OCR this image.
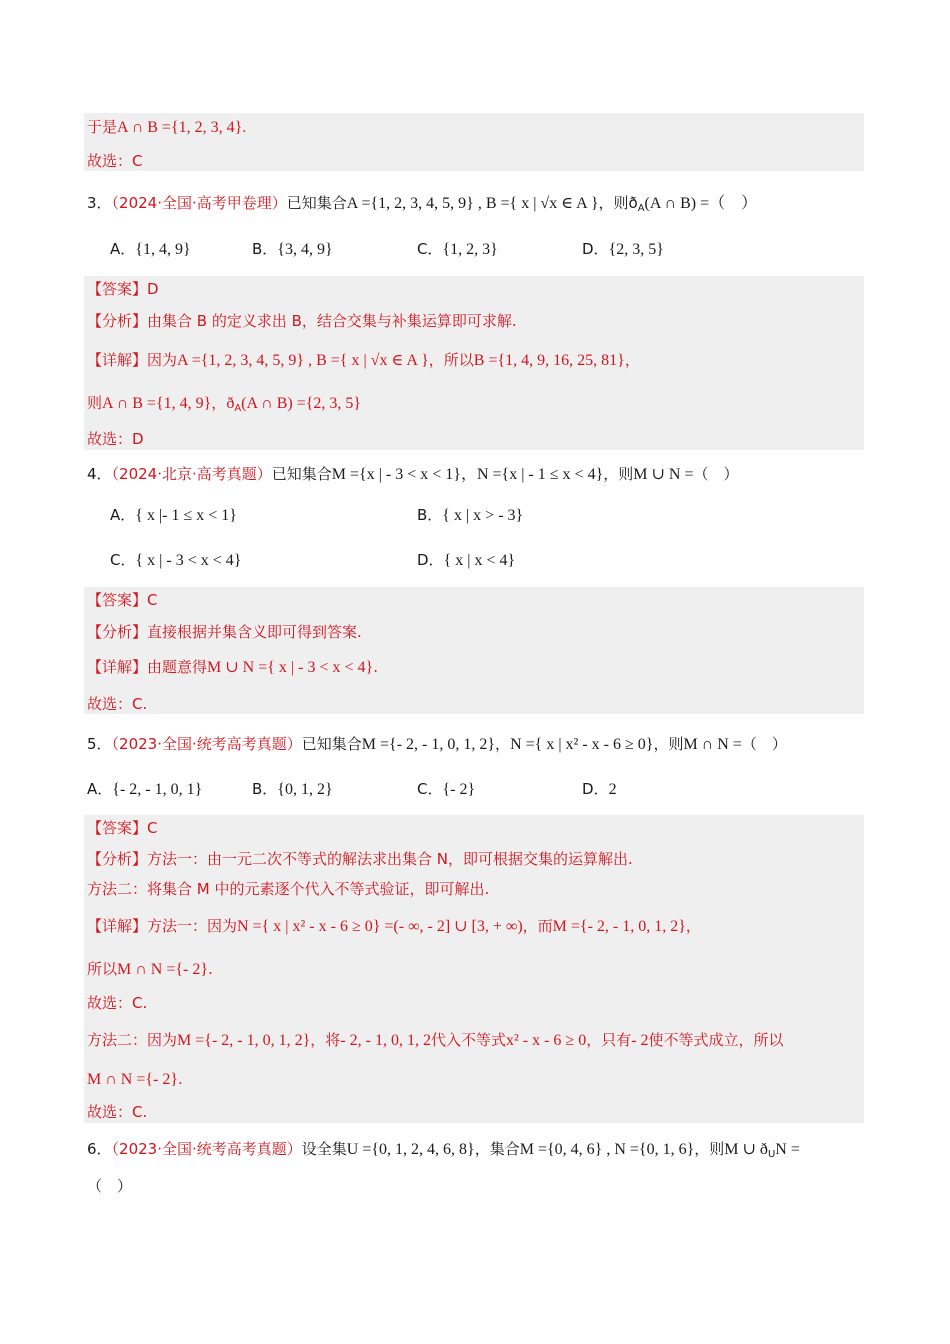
于是A ∩ B ={1, 2, 3, 4}.
故选：C
3．（2024·全国·高考甲卷理）已知集合A ={1, 2, 3, 4, 5, 9} , B ={ x | √x ∈ A }，则$ð_A(A$ ∩ B) =（　）
A．{1, 4, 9}	B．{3, 4, 9}	C．{1, 2, 3}	D．{2, 3, 5}
【答案】D
【分析】由集合 B 的定义求出 B，结合交集与补集运算即可求解.
【详解】因为A ={1, 2, 3, 4, 5, 9} , B ={ x | √x ∈ A }，所以B ={1, 4, 9, 16, 25, 81}，
则A ∩ B ={1, 4, 9}，$ð_A(A$ ∩ B) ={2, 3, 5}
故选：D
4．（2024·北京·高考真题）已知集合M ={x | - 3 < x < 1}，N ={x | - 1 ≤ x < 4}，则M ∪ N =（　）
A．{ x |- 1 ≤ x < 1}	B．{ x | x > - 3}
C．{ x | - 3 < x < 4}	D．{ x | x < 4}
【答案】C
【分析】直接根据并集含义即可得到答案.
【详解】由题意得M ∪ N ={ x | - 3 < x < 4}.
故选：C.
5．（2023·全国·统考高考真题）已知集合M ={- 2, - 1, 0, 1, 2}，N ={ x | x² - x - 6 ≥ 0}，则M ∩ N =（　）
A．{- 2, - 1, 0, 1}	B．{0, 1, 2}	C．{- 2}	D．2
【答案】C
【分析】方法一：由一元二次不等式的解法求出集合 N，即可根据交集的运算解出.
方法二：将集合 M 中的元素逐个代入不等式验证，即可解出.
【详解】方法一：因为N ={ x | x² - x - 6 ≥ 0} =(- ∞, - 2] ∪ [3, + ∞)，而M ={- 2, - 1, 0, 1, 2}，
所以M ∩ N ={- 2}.
故选：C.
方法二：因为M ={- 2, - 1, 0, 1, 2}，将- 2, - 1, 0, 1, 2代入不等式x² - x - 6 ≥ 0，只有- 2使不等式成立，所以
M ∩ N ={- 2}.
故选：C.
6．（2023·全国·统考高考真题）设全集U ={0, 1, 2, 4, 6, 8}，集合M ={0, 4, 6} , N ={0, 1, 6}，则M ∪ $ð_UN$ =
（　）
